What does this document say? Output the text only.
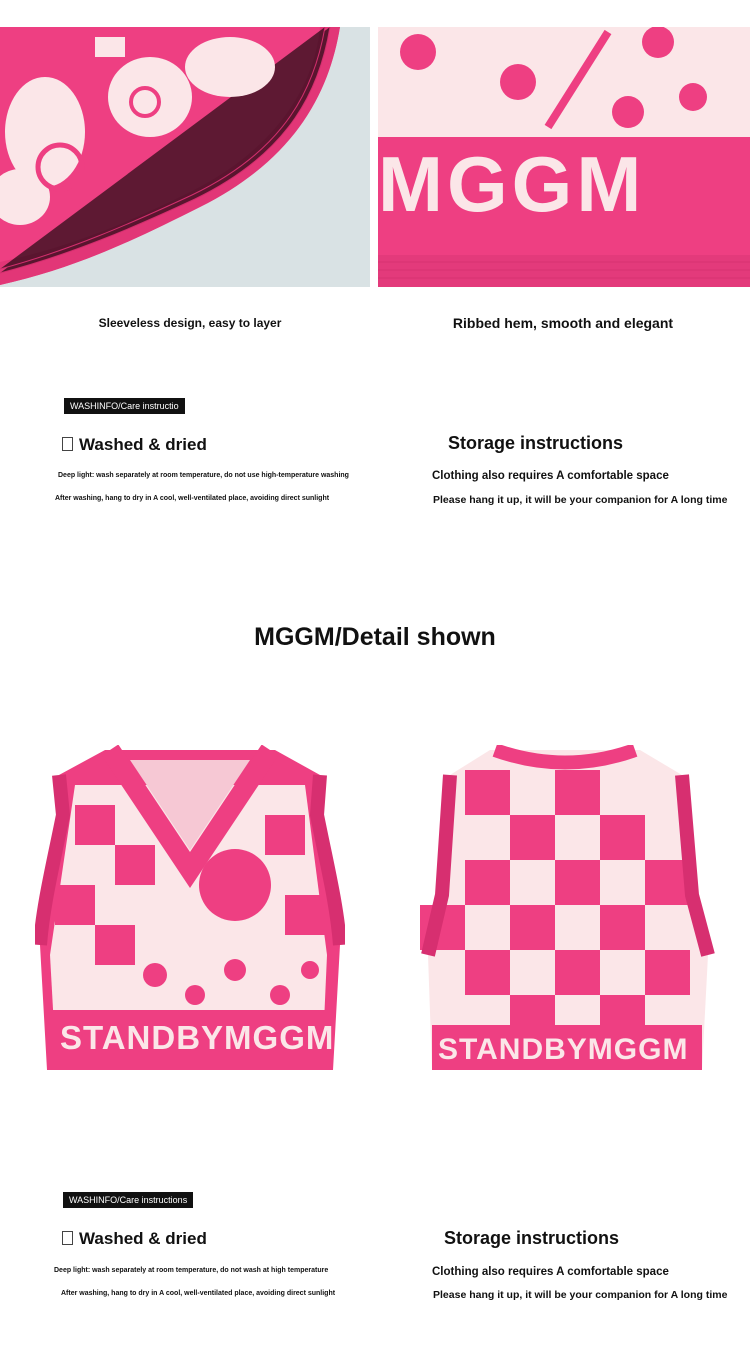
MGGM
Sleeveless design, easy to layer	Ribbed hem, smooth and elegant
WASHINFO/Care instructio
Washed & dried
Deep light: wash separately at room temperature, do not use high-temperature washing
After washing, hang to dry in A cool, well-ventilated place, avoiding direct sunlight
Storage instructions
Clothing also requires A comfortable space
Please hang it up, it will be your companion for A long time
MGGM/Detail shown
STANDBYMGGM	STANDBYMGGM
WASHINFO/Care instructions
Washed & dried
Deep light: wash separately at room temperature, do not wash at high temperature
After washing, hang to dry in A cool, well-ventilated place, avoiding direct sunlight
Storage instructions
Clothing also requires A comfortable space
Please hang it up, it will be your companion for A long time
